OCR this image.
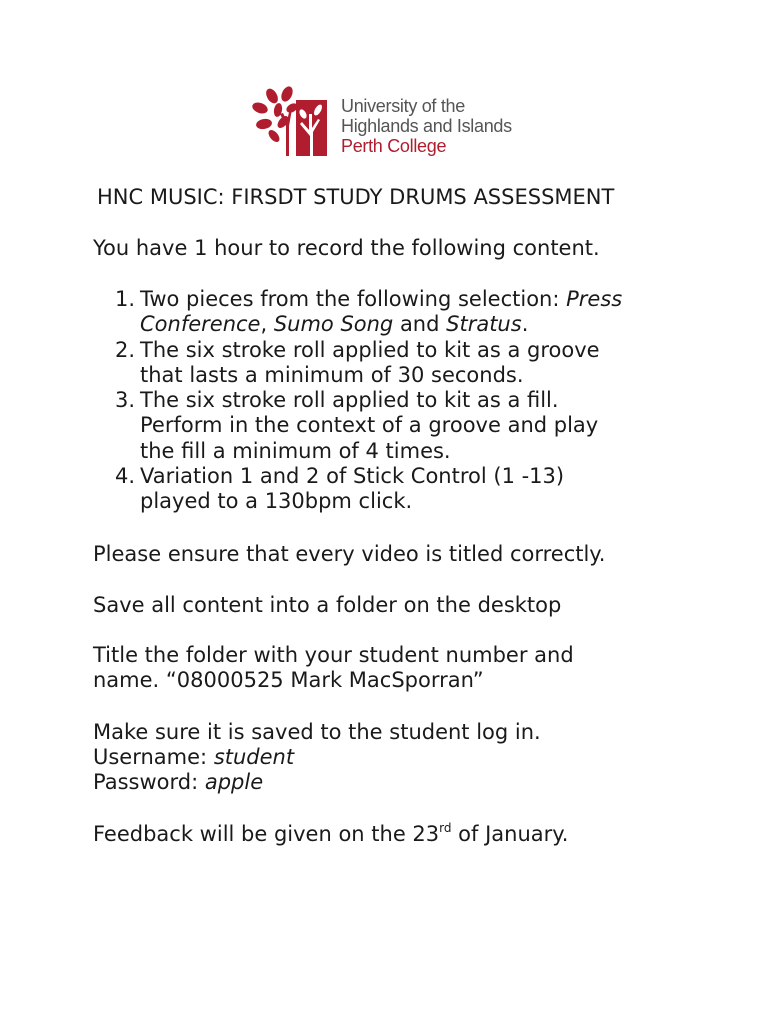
University of the
Highlands and Islands
Perth College
HNC MUSIC: FIRSDT STUDY DRUMS ASSESSMENT
You have 1 hour to record the following content.
1. Two pieces from the following selection: Press
Conference, Sumo Song and Stratus.
2. The six stroke roll applied to kit as a groove
that lasts a minimum of 30 seconds.
3. The six stroke roll applied to kit as a fill.
Perform in the context of a groove and play
the fill a minimum of 4 times.
4. Variation 1 and 2 of Stick Control (1 -13)
played to a 130bpm click.
Please ensure that every video is titled correctly.
Save all content into a folder on the desktop
Title the folder with your student number and
name. “08000525 Mark MacSporran”
Make sure it is saved to the student log in.
Username: student
Password: apple
Feedback will be given on the 23rd of January.
